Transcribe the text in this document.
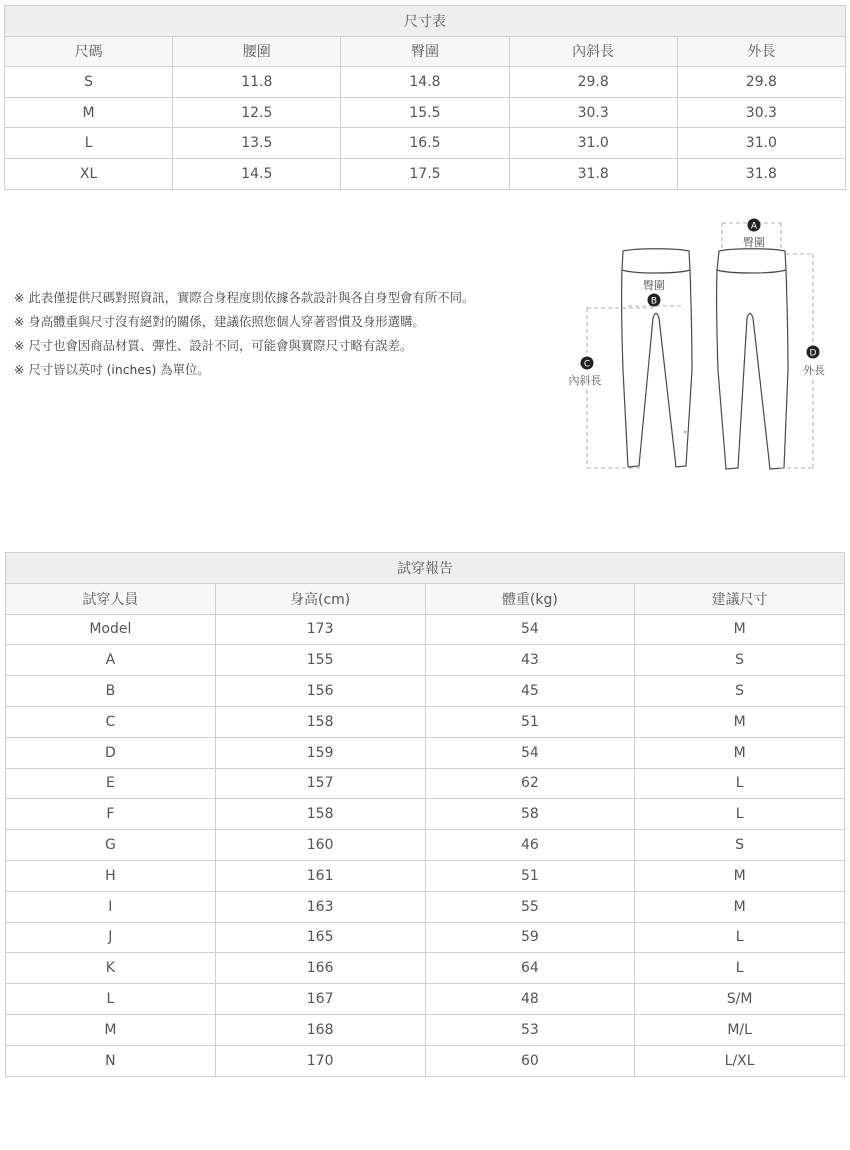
尺寸表				
尺碼	腰圍	臀圍	內斜長	外長
S	11.8	14.8	29.8	29.8
M	12.5	15.5	30.3	30.3
L	13.5	16.5	31.0	31.0
XL	14.5	17.5	31.8	31.8
※ 此表僅提供尺碼對照資訊，實際合身程度則依據各款設計與各自身型會有所不同。
※ 身高體重與尺寸沒有絕對的關係，建議依照您個人穿著習慣及身形選購。
※ 尺寸也會因商品材質、彈性、設計不同，可能會與實際尺寸略有誤差。
※ 尺寸皆以英吋 (inches) 為單位。
A
臀圍
臀圍
B
C
內斜長
D
外長
試穿報告			
試穿人員	身高(cm)	體重(kg)	建議尺寸
Model	173	54	M
A	155	43	S
B	156	45	S
C	158	51	M
D	159	54	M
E	157	62	L
F	158	58	L
G	160	46	S
H	161	51	M
I	163	55	M
J	165	59	L
K	166	64	L
L	167	48	S/M
M	168	53	M/L
N	170	60	L/XL
